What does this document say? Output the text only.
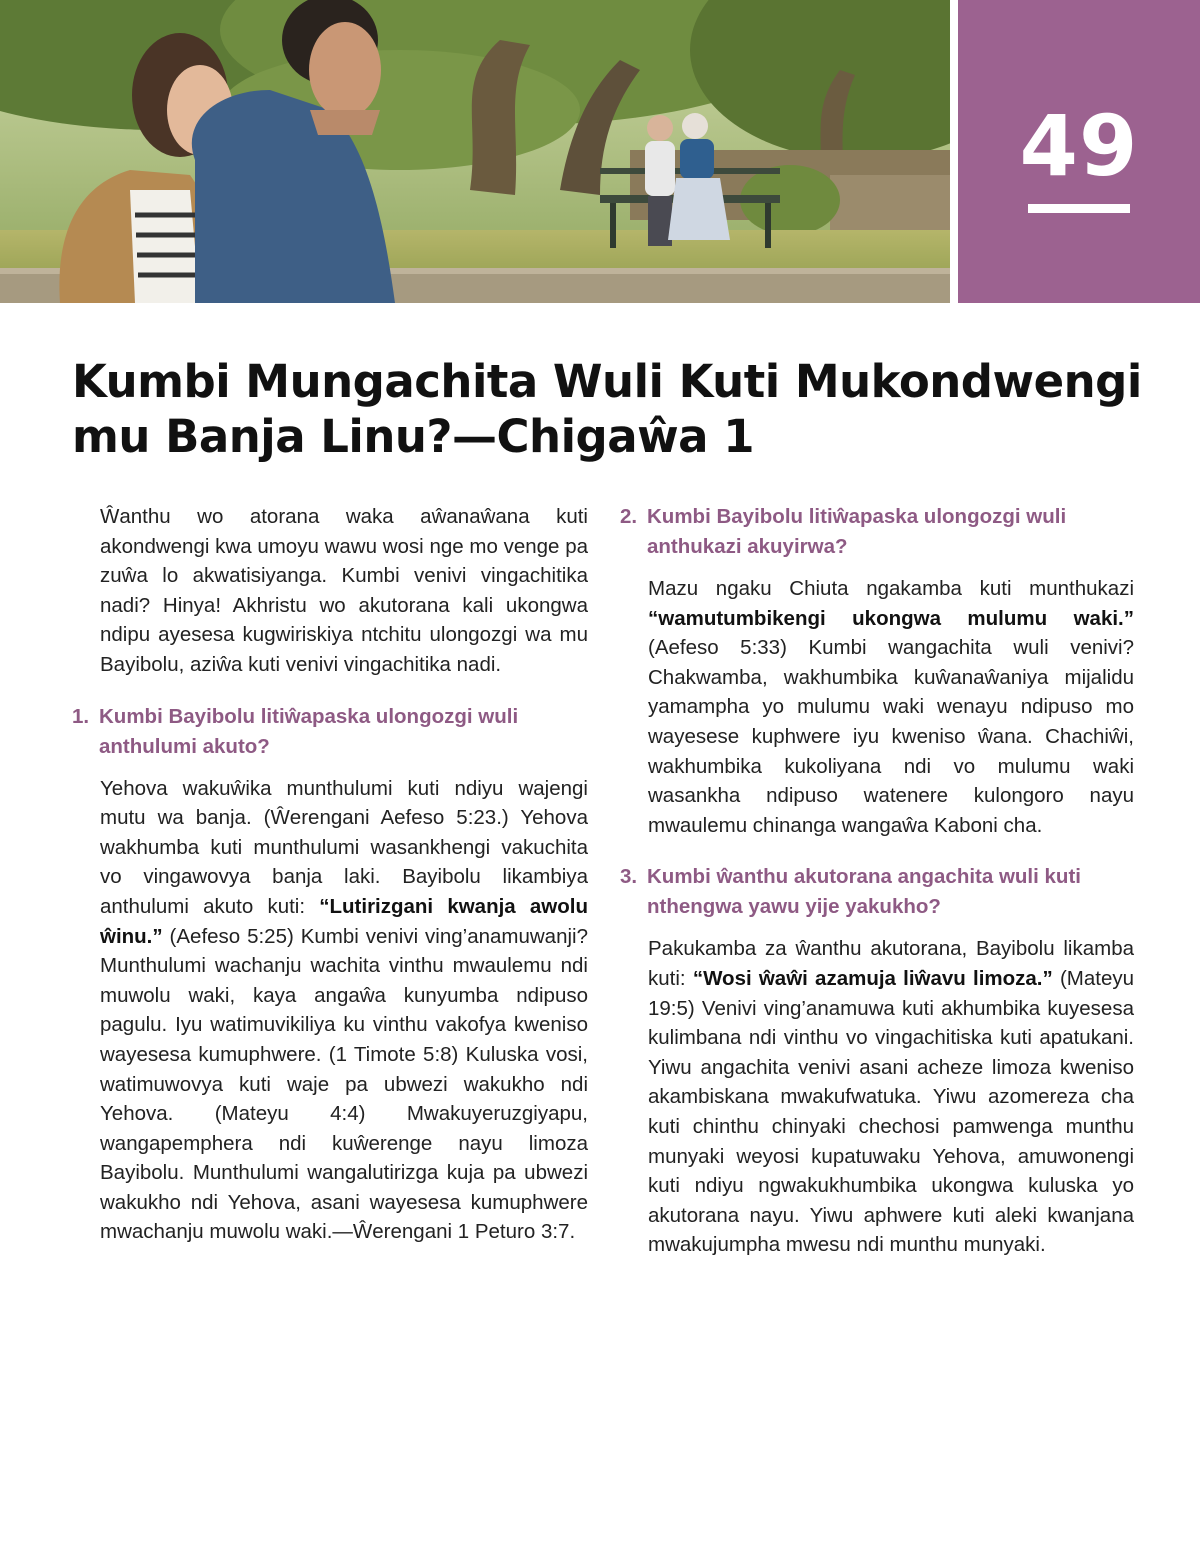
49
Kumbi Mungachita Wuli Kuti Mukondwengi
mu Banja Linu?—Chigaŵa 1

Ŵanthu wo atorana waka aŵanaŵana kuti akondwengi kwa umoyu wawu wosi nge mo venge pa zuŵa lo akwatisiyanga. Kumbi venivi vingachitika nadi? Hinya! Akhristu wo akutorana kali ukongwa ndipu ayesesa kugwiriskiya ntchitu ulongozgi wa mu Bayibolu, aziŵa kuti venivi vingachitika nadi.

1. Kumbi Bayibolu litiŵapaska ulongozgi wuli anthulumi akuto?

Yehova wakuŵika munthulumi kuti ndiyu wajengi mutu wa banja. (Ŵerengani Aefeso 5:23.) Yehova wakhumba kuti munthulumi wasankhengi vakuchita vo vingawovya banja laki. Bayibolu likambiya anthulumi akuto kuti: “Lutirizgani kwanja awolu ŵinu.” (Aefeso 5:25) Kumbi venivi ving’anamuwanji? Munthulumi wachanju wachita vinthu mwaulemu ndi muwolu waki, kaya angaŵa kunyumba ndipuso pagulu. Iyu watimuvikiliya ku vinthu vakofya kweniso wayesesa kumuphwere. (1 Timote 5:8) Kuluska vosi, watimuwovya kuti waje pa ubwezi wakukho ndi Yehova. (Mateyu 4:4) Mwakuyeruzgiyapu, wangapemphera ndi kuŵerenge nayu limoza Bayibolu. Munthulumi wangalutirizga kuja pa ubwezi wakukho ndi Yehova, asani wayesesa kumuphwere mwachanju muwolu waki.—Ŵerengani 1 Peturo 3:7.

2. Kumbi Bayibolu litiŵapaska ulongozgi wuli anthukazi akuyirwa?

Mazu ngaku Chiuta ngakamba kuti munthukazi “wamutumbikengi ukongwa mulumu waki.” (Aefeso 5:33) Kumbi wangachita wuli venivi? Chakwamba, wakhumbika kuŵanaŵaniya mijalidu yamampha yo mulumu waki wenayu ndipuso mo wayesese kuphwere iyu kweniso ŵana. Chachiŵi, wakhumbika kukoliyana ndi vo mulumu waki wasankha ndipuso watenere kulongoro nayu mwaulemu chinanga wangaŵa Kaboni cha.

3. Kumbi ŵanthu akutorana angachita wuli kuti nthengwa yawu yije yakukho?

Pakukamba za ŵanthu akutorana, Bayibolu likamba kuti: “Wosi ŵaŵi azamuja liŵavu limoza.” (Mateyu 19:5) Venivi ving’anamuwa kuti akhumbika kuyesesa kulimbana ndi vinthu vo vingachitiska kuti apatukani. Yiwu angachita venivi asani acheze limoza kweniso akambiskana mwakufwatuka. Yiwu azomereza cha kuti chinthu chinyaki chechosi pamwenga munthu munyaki weyosi kupatuwaku Yehova, amuwonengi kuti ndiyu ngwakukhumbika ukongwa kuluska yo akutorana nayu. Yiwu aphwere kuti aleki kwanjana mwakujumpha mwesu ndi munthu munyaki.
